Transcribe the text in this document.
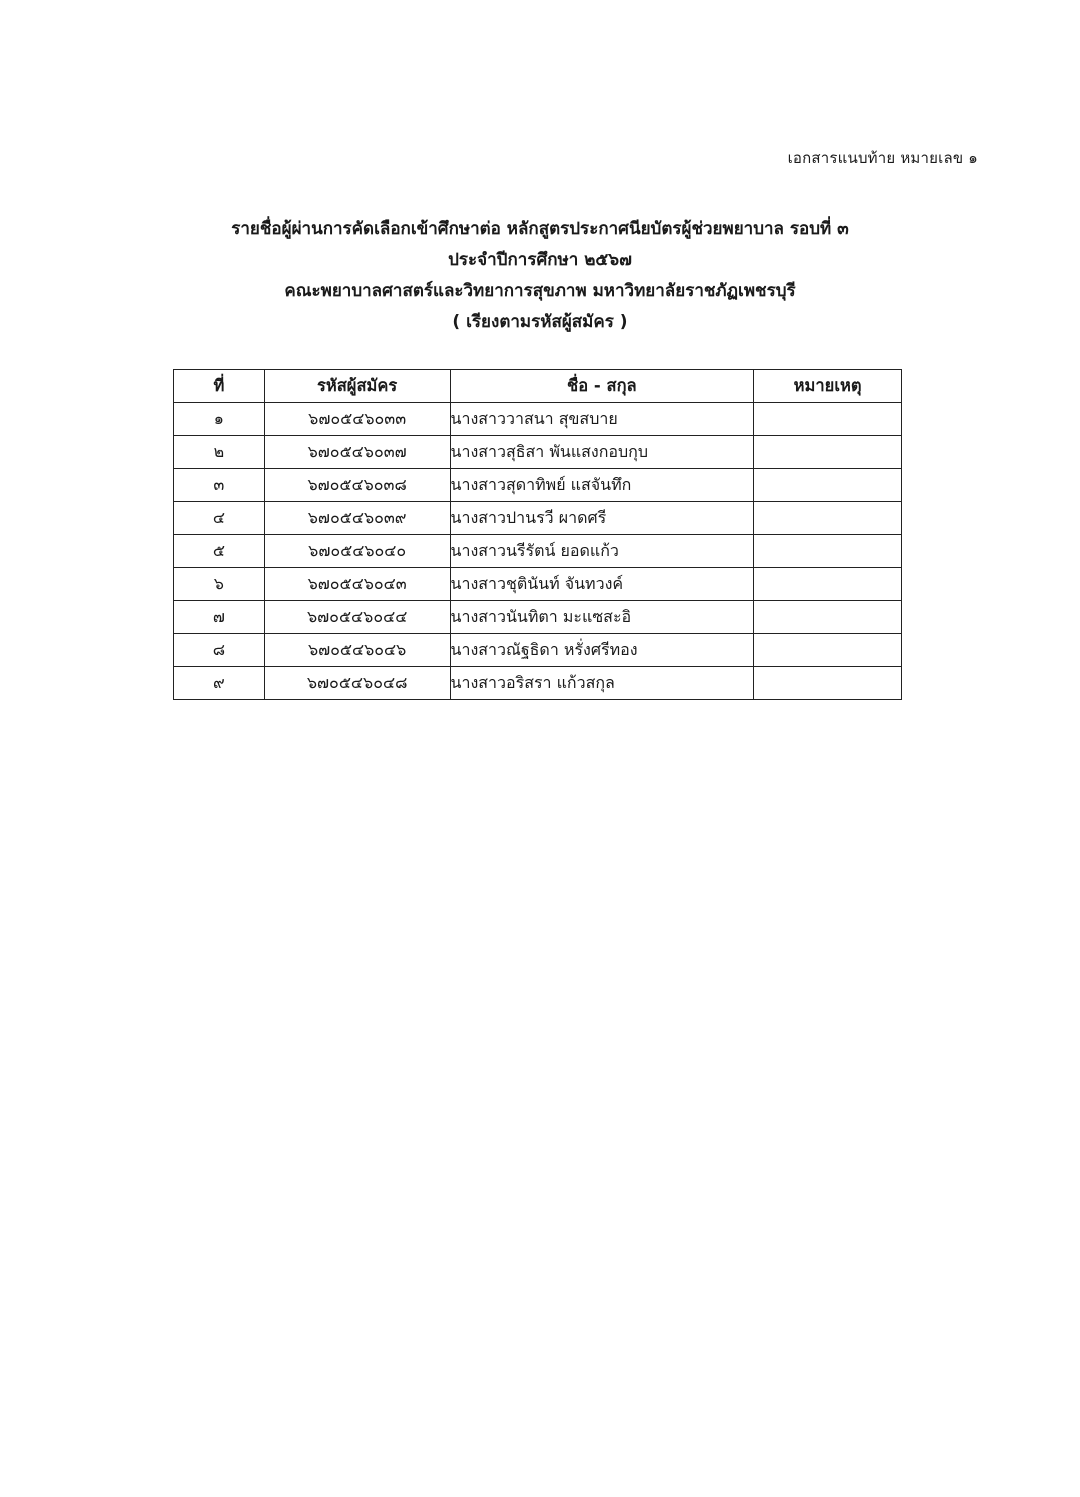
เอกสารแนบท้าย หมายเลข ๑
รายชื่อผู้ผ่านการคัดเลือกเข้าศึกษาต่อ หลักสูตรประกาศนียบัตรผู้ช่วยพยาบาล รอบที่ ๓
ประจำปีการศึกษา ๒๕๖๗
คณะพยาบาลศาสตร์และวิทยาการสุขภาพ มหาวิทยาลัยราชภัฏเพชรบุรี
( เรียงตามรหัสผู้สมัคร )
ที่	รหัสผู้สมัคร	ชื่อ - สกุล	หมายเหตุ
๑	๖๗๐๕๔๖๐๓๓	นางสาววาสนา สุขสบาย	
๒	๖๗๐๕๔๖๐๓๗	นางสาวสุธิสา พันแสงกอบกุบ	
๓	๖๗๐๕๔๖๐๓๘	นางสาวสุดาทิพย์ แสจันทึก	
๔	๖๗๐๕๔๖๐๓๙	นางสาวปานรวี ผาดศรี	
๕	๖๗๐๕๔๖๐๔๐	นางสาวนรีรัตน์ ยอดแก้ว	
๖	๖๗๐๕๔๖๐๔๓	นางสาวชุตินันท์ จันทวงค์	
๗	๖๗๐๕๔๖๐๔๔	นางสาวนันทิตา มะแซสะอิ	
๘	๖๗๐๕๔๖๐๔๖	นางสาวณัฐธิดา หรั่งศรีทอง	
๙	๖๗๐๕๔๖๐๔๘	นางสาวอริสรา แก้วสกุล	
